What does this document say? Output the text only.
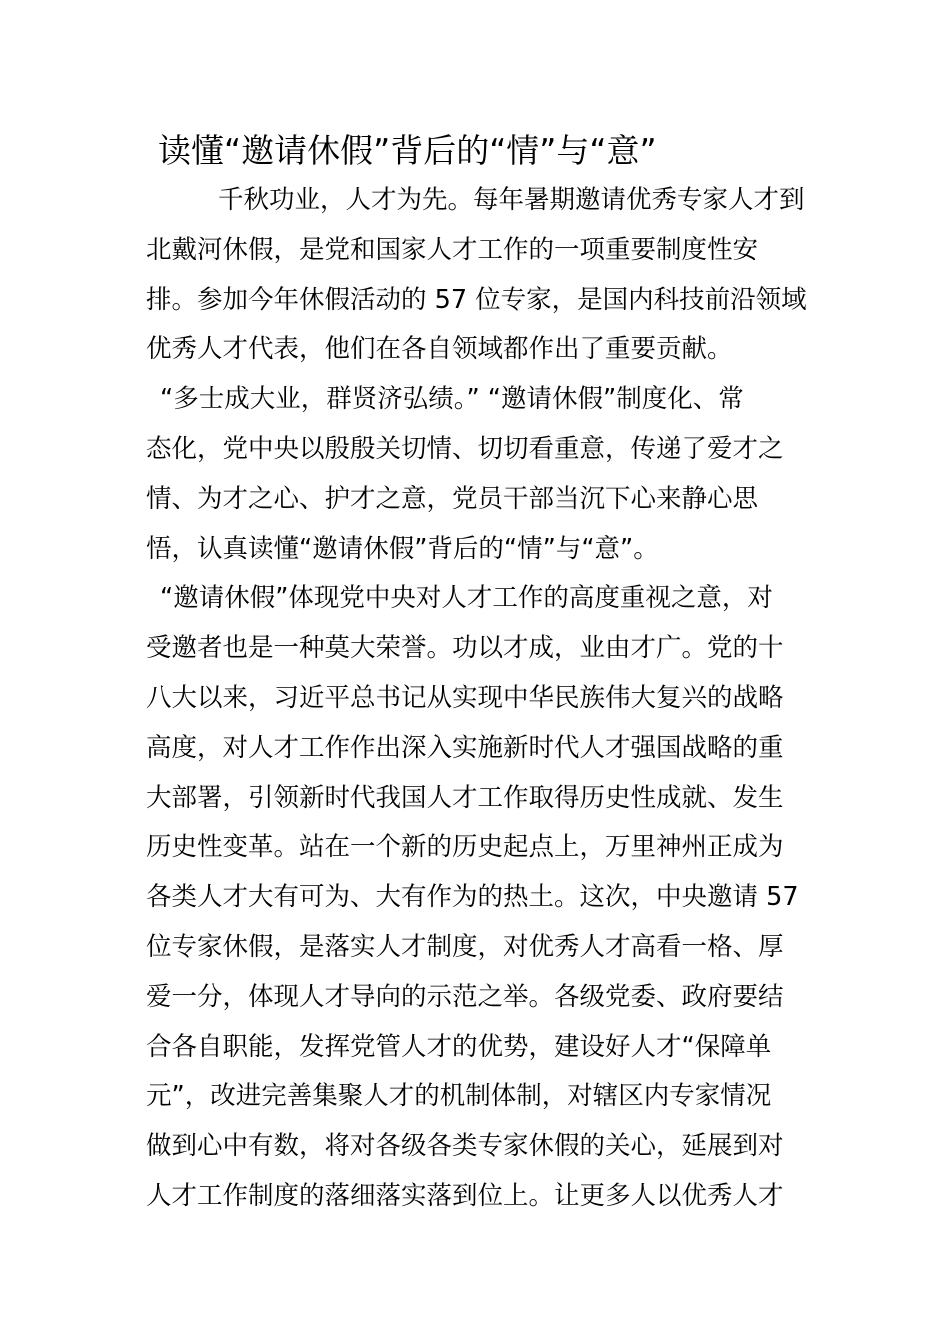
读懂“邀请休假”背后的“情”与“意”
千秋功业，人才为先。每年暑期邀请优秀专家人才到
北戴河休假，是党和国家人才工作的一项重要制度性安
排。参加今年休假活动的 57 位专家，是国内科技前沿领域
优秀人才代表，他们在各自领域都作出了重要贡献。
“多士成大业，群贤济弘绩。” “邀请休假”制度化、常
态化，党中央以殷殷关切情、切切看重意，传递了爱才之
情、为才之心、护才之意，党员干部当沉下心来静心思
悟，认真读懂“邀请休假”背后的“情”与“意”。
“邀请休假”体现党中央对人才工作的高度重视之意，对
受邀者也是一种莫大荣誉。功以才成，业由才广。党的十
八大以来，习近平总书记从实现中华民族伟大复兴的战略
高度，对人才工作作出深入实施新时代人才强国战略的重
大部署，引领新时代我国人才工作取得历史性成就、发生
历史性变革。站在一个新的历史起点上，万里神州正成为
各类人才大有可为、大有作为的热土。这次，中央邀请 57
位专家休假，是落实人才制度，对优秀人才高看一格、厚
爱一分，体现人才导向的示范之举。各级党委、政府要结
合各自职能，发挥党管人才的优势，建设好人才“保障单
元”，改进完善集聚人才的机制体制，对辖区内专家情况
做到心中有数，将对各级各类专家休假的关心，延展到对
人才工作制度的落细落实落到位上。让更多人以优秀人才
